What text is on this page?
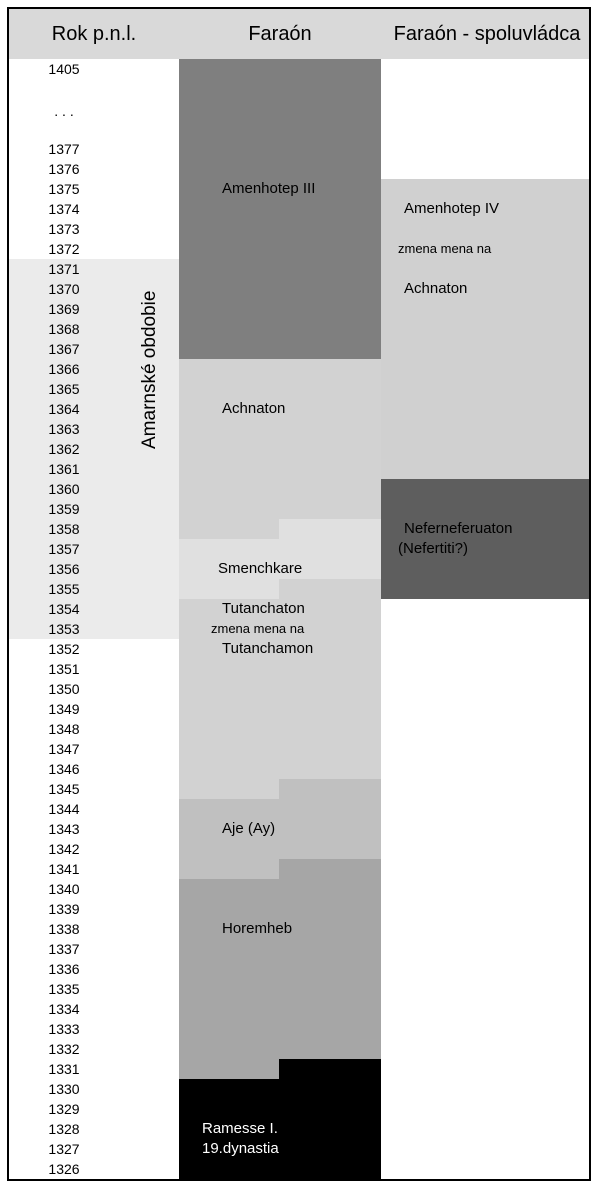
Rok p.n.l.	Faraón	Faraón - spoluvládca
Amenhotep III
Achnaton
Smenchkare
Tutanchaton
zmena mena na
Tutanchamon
Aje (Ay)
Horemheb
Ramesse I.
19.dynastia
Amenhotep IV
zmena mena na
Achnaton
Neferneferuaton
(Nefertiti?)
1405
. . .
1377
1376
1375
1374
1373
1372
1371
1370
1369
1368
1367
1366
1365
1364
1363
1362
1361
1360
1359
1358
1357
1356
1355
1354
1353
1352
1351
1350
1349
1348
1347
1346
1345
1344
1343
1342
1341
1340
1339
1338
1337
1336
1335
1334
1333
1332
1331
1330
1329
1328
1327
1326
